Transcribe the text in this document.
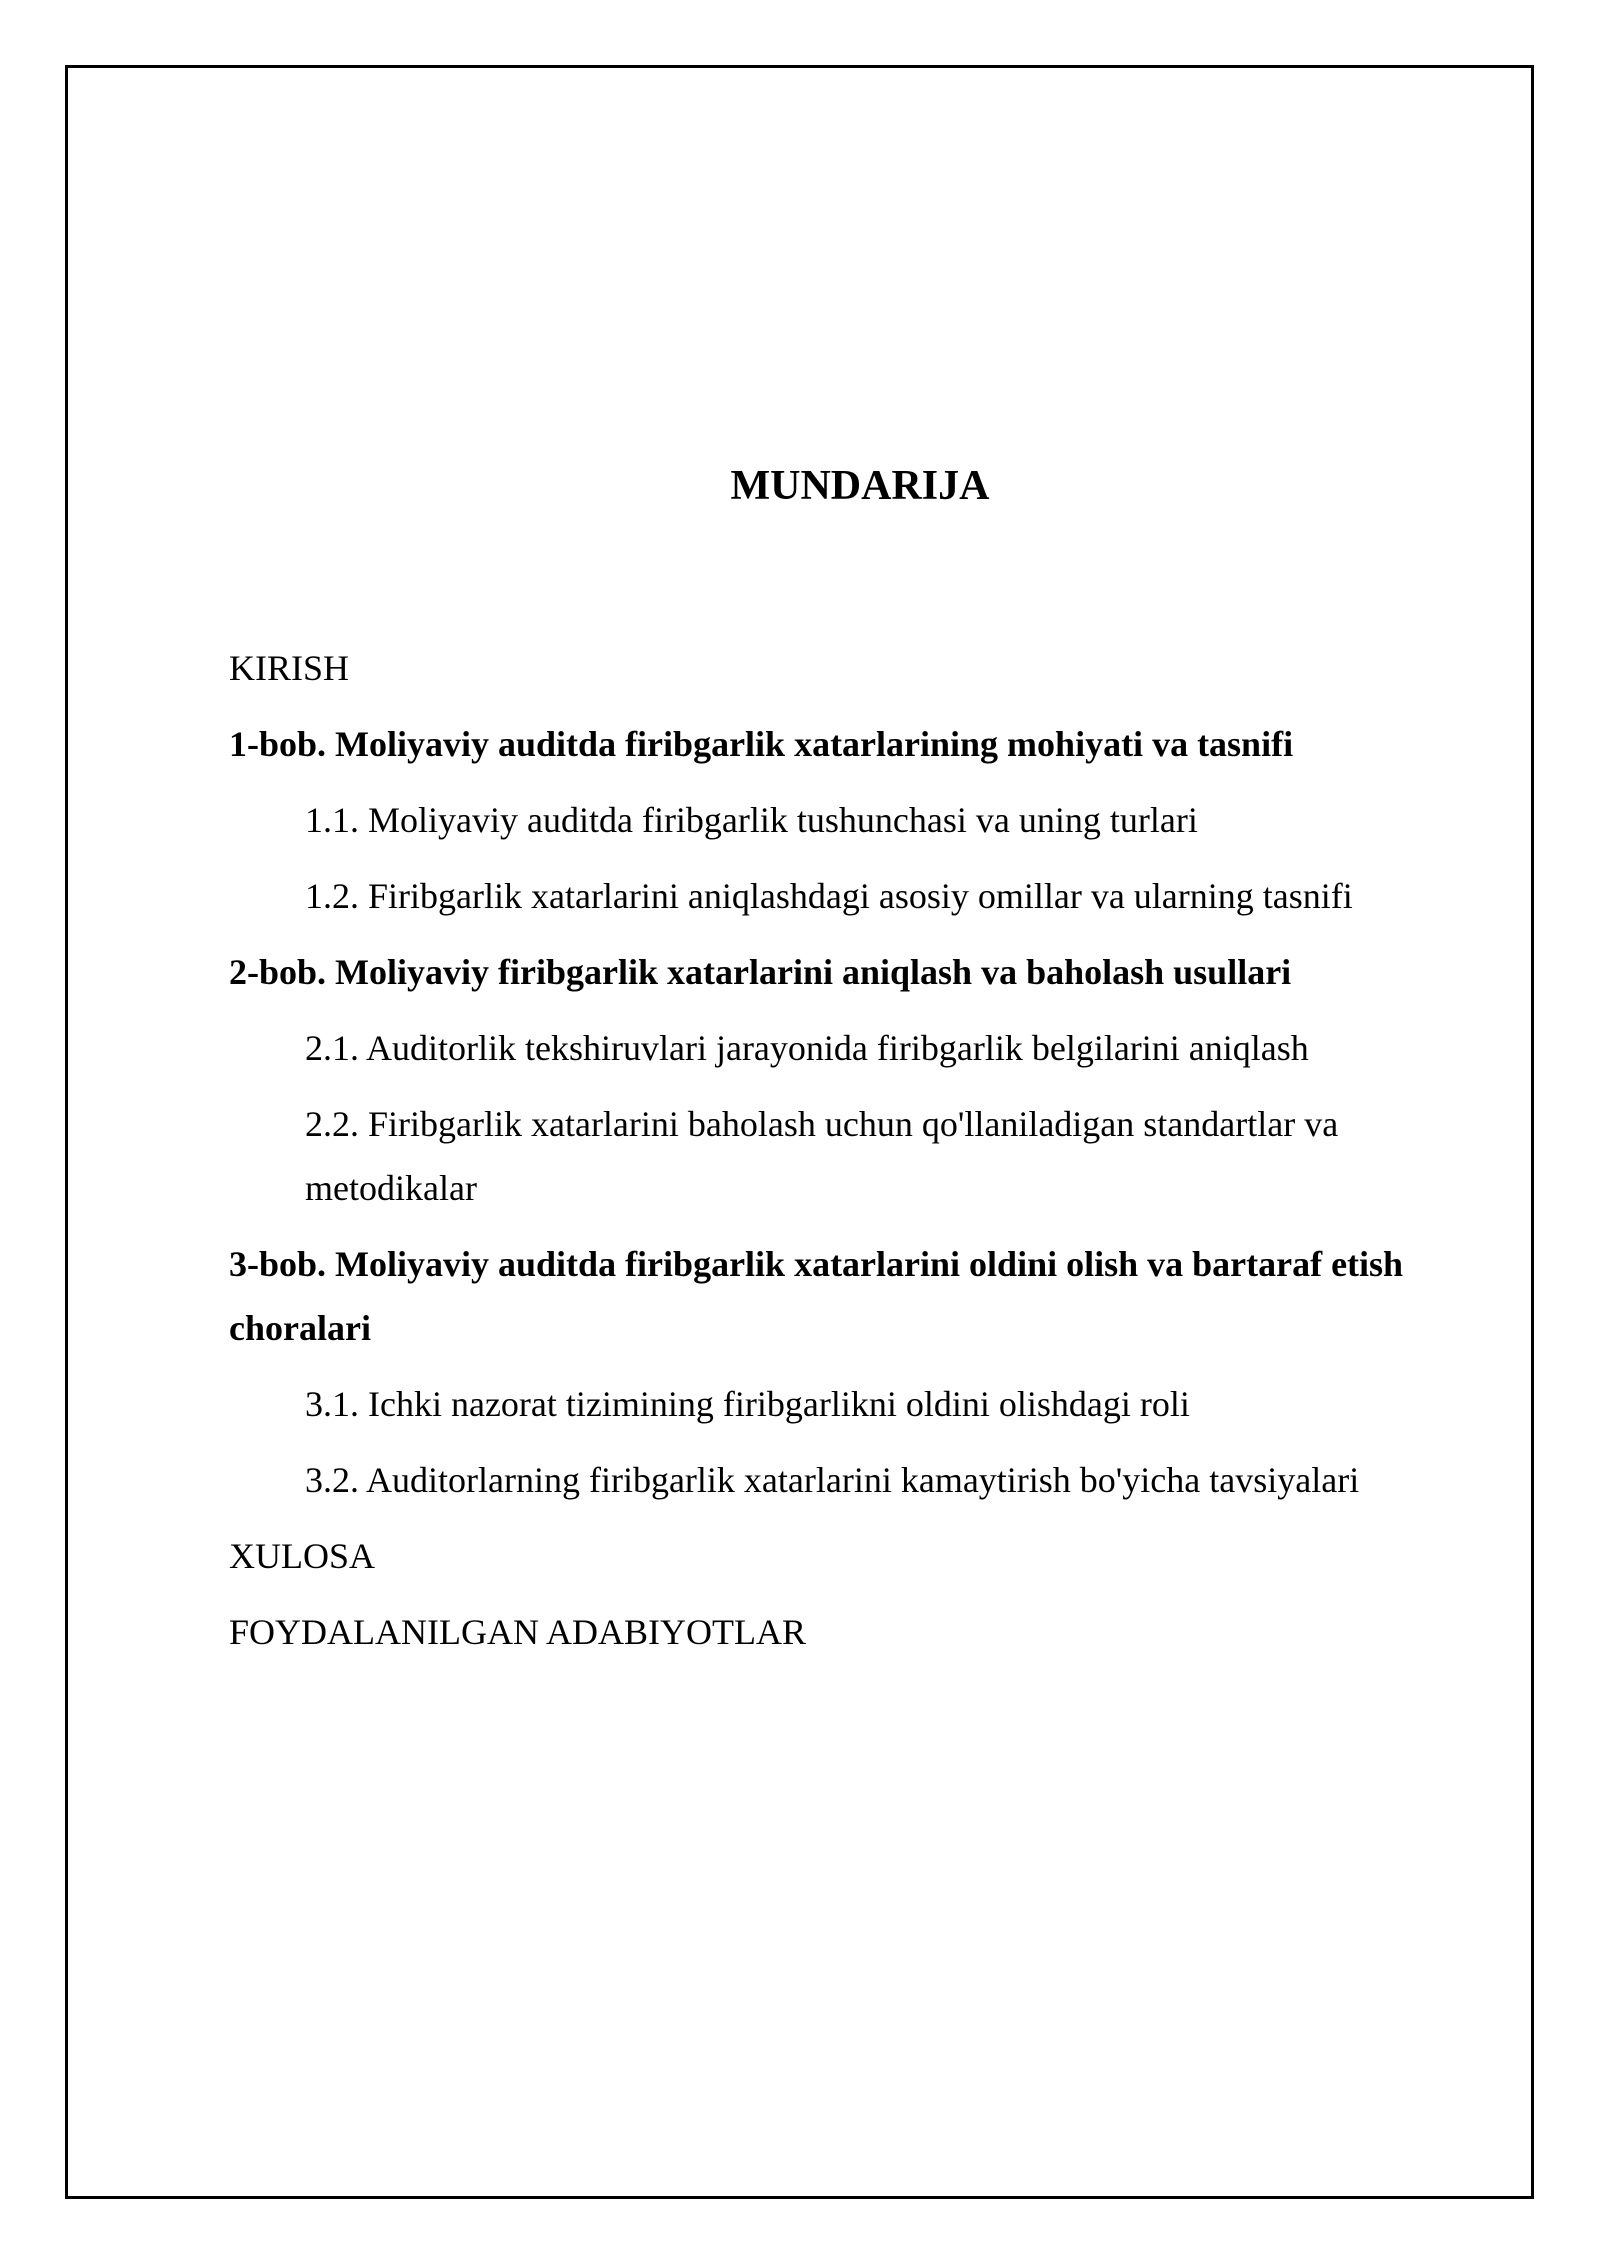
MUNDARIJA
KIRISH
1-bob. Moliyaviy auditda firibgarlik xatarlarining mohiyati va tasnifi
1.1. Moliyaviy auditda firibgarlik tushunchasi va uning turlari
1.2. Firibgarlik xatarlarini aniqlashdagi asosiy omillar va ularning tasnifi
2-bob. Moliyaviy firibgarlik xatarlarini aniqlash va baholash usullari
2.1. Auditorlik tekshiruvlari jarayonida firibgarlik belgilarini aniqlash
2.2. Firibgarlik xatarlarini baholash uchun qo'llaniladigan standartlar va metodikalar
3-bob. Moliyaviy auditda firibgarlik xatarlarini oldini olish va bartaraf etish choralari
3.1. Ichki nazorat tizimining firibgarlikni oldini olishdagi roli
3.2. Auditorlarning firibgarlik xatarlarini kamaytirish bo'yicha tavsiyalari
XULOSA
FOYDALANILGAN ADABIYOTLAR
